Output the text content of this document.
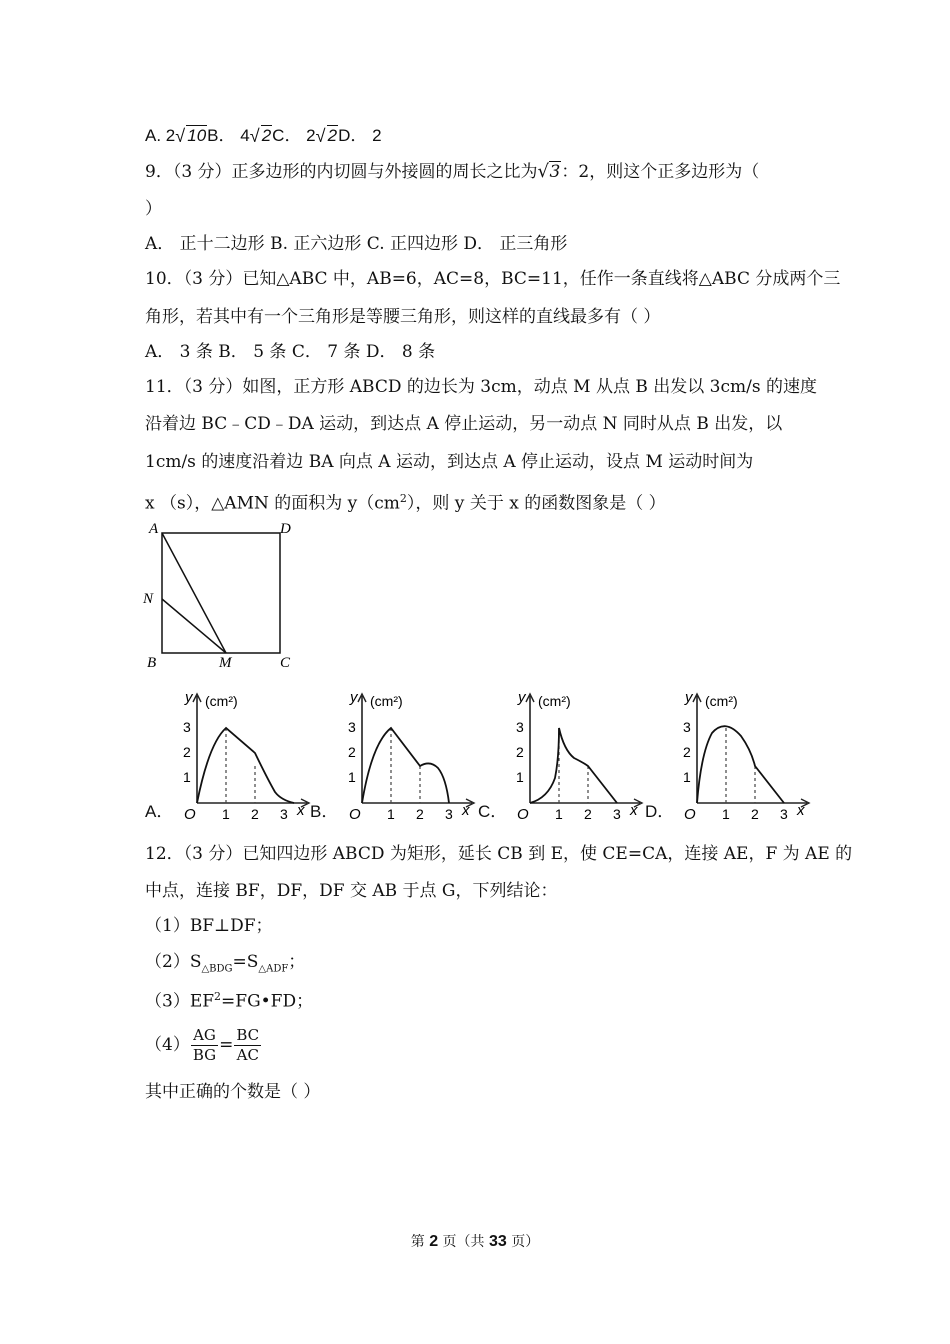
A. 2 √ 10B． 4 √ 2C． 2 √ 2D． 2
9．（3 分）正多边形的内切圆与外接圆的周长之比为 √ 3：2，则这个正多边形为（
）
A． 正十二边形 B. 正六边形 C. 正四边形 D． 正三角形
10．（3 分）已知△ABC 中，AB=6，AC=8，BC=11，任作一条直线将△ABC 分成两个三
角形，若其中有一个三角形是等腰三角形，则这样的直线最多有（ ）
A． 3 条 B． 5 条 C． 7 条 D． 8 条
11．（3 分）如图，正方形 ABCD 的边长为 3cm，动点 M 从点 B 出发以 3cm/s 的速度
沿着边 BC﹣CD﹣DA 运动，到达点 A 停止运动，另一动点 N 同时从点 B 出发，以
1cm/s 的速度沿着边 BA 向点 A 运动，到达点 A 停止运动，设点 M 运动时间为
x （s），△AMN 的面积为 $y(cm^2)$，则 y 关于 x 的函数图象是（ ）
A	D
N
B	M	C
A．
y (cm²)
3
2
1
O 1 2 3 x B．
y (cm²)
3
2
1
O 1 2 3 x C．
y (cm²)
3
2
1
O 1 2 3 x D．
y (cm²)
3
2
1
O 1 2 3 x
12．（3 分）已知四边形 ABCD 为矩形，延长 CB 到 E，使 CE=CA，连接 AE，F 为 AE 的
中点，连接 BF，DF，DF 交 AB 于点 G，下列结论：
（1）BF⊥DF；
$(2)S_{\triangle BDG}=S_{\triangle ADF}$；
$(3)EF^2=FG•FD$；
$(4) \frac{AG}{BG} = \frac{BC}{AC}$
其中正确的个数是（ ）
第 2 页（共 33 页）
